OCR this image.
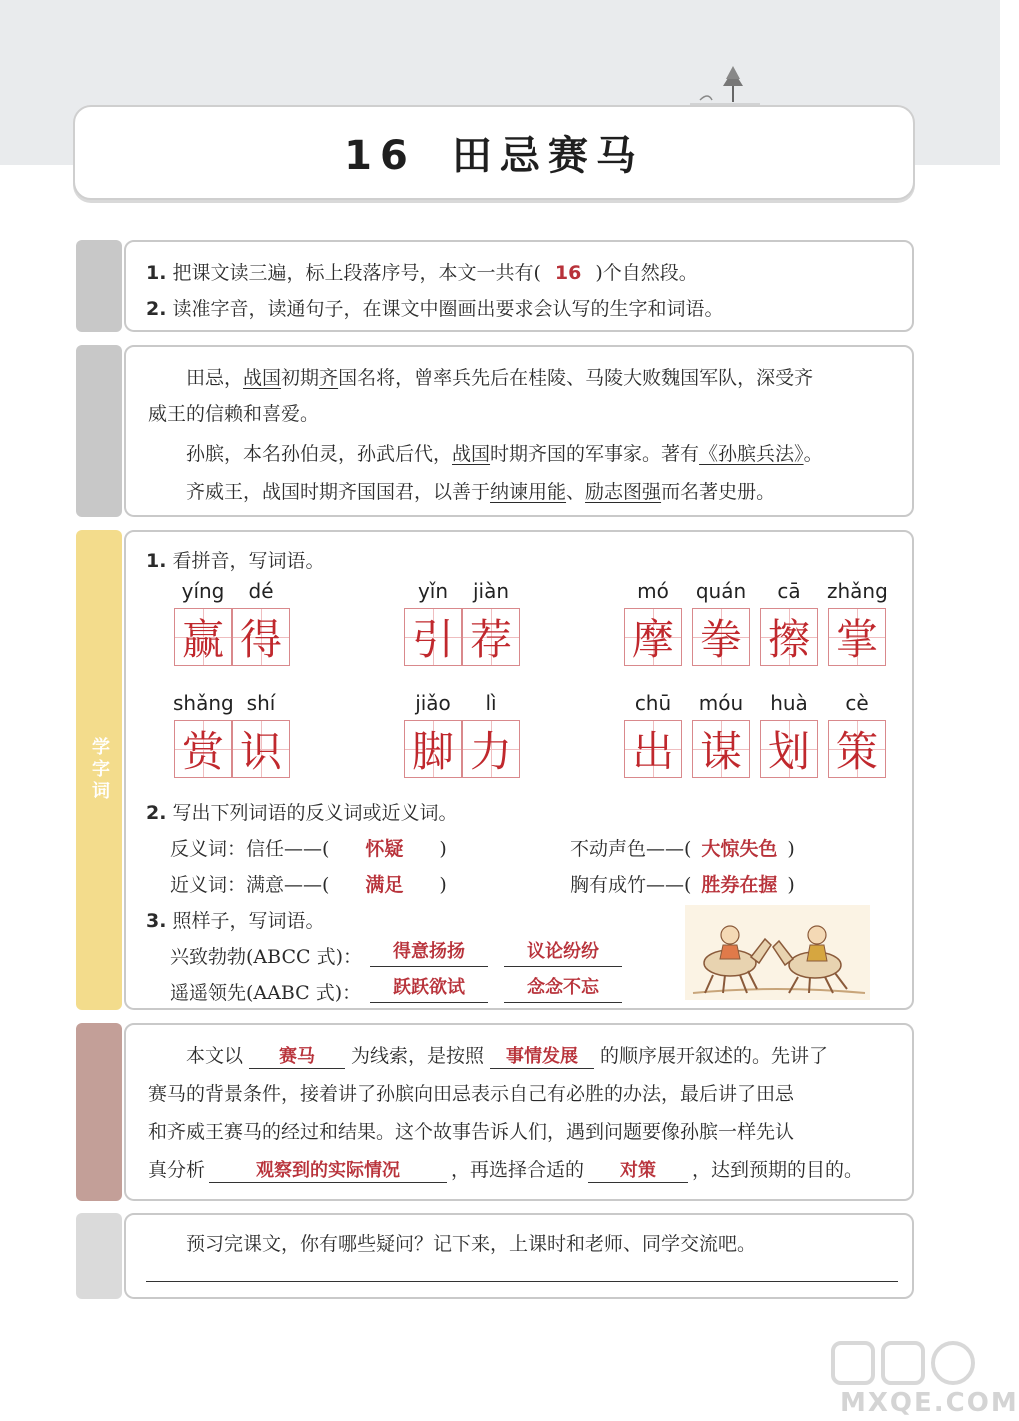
16 田忌赛马
1. 把课文读三遍，标上段落序号，本文一共有( 16 )个自然段。
2. 读准字音，读通句子，在课文中圈画出要求会认写的生字和词语。
田忌，战国初期齐国名将，曾率兵先后在桂陵、马陵大败魏国军队，深受齐
威王的信赖和喜爱。
孙膑，本名孙伯灵，孙武后代，战国时期齐国的军事家。著有《孙膑兵法》。
齐威王，战国时期齐国国君，以善于纳谏用能、励志图强而名著史册。
学字词
1. 看拼音，写词语。
yíng	dé	yǐn	jiàn	mó	quán	cā	zhǎng
赢 得	引 荐	摩 拳 擦 掌
shǎng shí	jiǎo	lì	chū	móu	huà	cè
赏 识	脚 力	出 谋 划 策
2. 写出下列词语的反义词或近义词。
反义词：信任——( 怀疑 )
近义词：满意——( 满足 )
不动声色——( 大惊失色 )
胸有成竹——( 胜券在握 )
3. 照样子，写词语。
兴致勃勃(ABCC 式)：	得意扬扬	议论纷纷
遥遥领先(AABC 式)：	跃跃欲试	念念不忘
本文以 赛马 为线索，是按照 事情发展 的顺序展开叙述的。先讲了
赛马的背景条件，接着讲了孙膑向田忌表示自己有必胜的办法，最后讲了田忌
和齐威王赛马的经过和结果。这个故事告诉人们，遇到问题要像孙膑一样先认
真分析	观察到的实际情况	，再选择合适的 对策 ，达到预期的目的。
预习完课文，你有哪些疑问？记下来，上课时和老师、同学交流吧。
MXQE.COM
